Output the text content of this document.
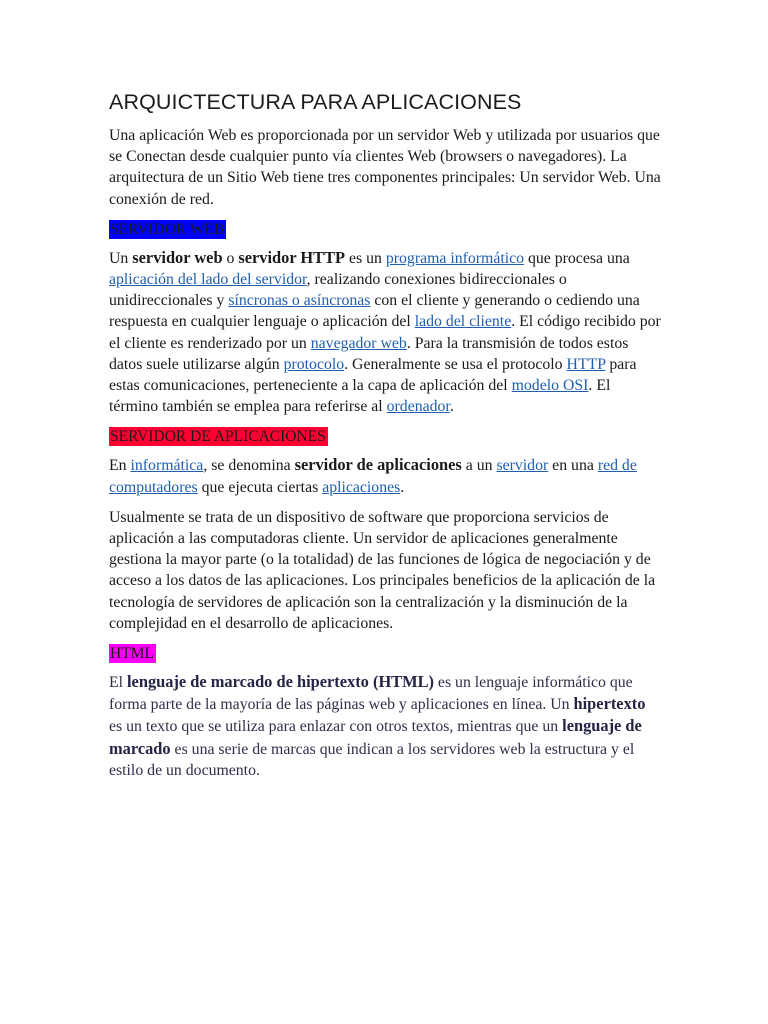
ARQUICTECTURA PARA APLICACIONES

Una aplicación Web es proporcionada por un servidor Web y utilizada por usuarios que se Conectan desde cualquier punto vía clientes Web (browsers o navegadores). La arquitectura de un Sitio Web tiene tres componentes principales: Un servidor Web. Una conexión de red.

SERVIDOR WEB

Un servidor web o servidor HTTP es un programa informático que procesa una aplicación del lado del servidor, realizando conexiones bidireccionales o unidireccionales y síncronas o asíncronas con el cliente y generando o cediendo una respuesta en cualquier lenguaje o aplicación del lado del cliente. El código recibido por el cliente es renderizado por un navegador web. Para la transmisión de todos estos datos suele utilizarse algún protocolo. Generalmente se usa el protocolo HTTP para estas comunicaciones, perteneciente a la capa de aplicación del modelo OSI. El término también se emplea para referirse al ordenador.

SERVIDOR DE APLICACIONES

En informática, se denomina servidor de aplicaciones a un servidor en una red de computadores que ejecuta ciertas aplicaciones.

Usualmente se trata de un dispositivo de software que proporciona servicios de aplicación a las computadoras cliente. Un servidor de aplicaciones generalmente gestiona la mayor parte (o la totalidad) de las funciones de lógica de negociación y de acceso a los datos de las aplicaciones. Los principales beneficios de la aplicación de la tecnología de servidores de aplicación son la centralización y la disminución de la complejidad en el desarrollo de aplicaciones.

HTML

El lenguaje de marcado de hipertexto (HTML) es un lenguaje informático que forma parte de la mayoría de las páginas web y aplicaciones en línea. Un hipertexto es un texto que se utiliza para enlazar con otros textos, mientras que un lenguaje de marcado es una serie de marcas que indican a los servidores web la estructura y el estilo de un documento.
